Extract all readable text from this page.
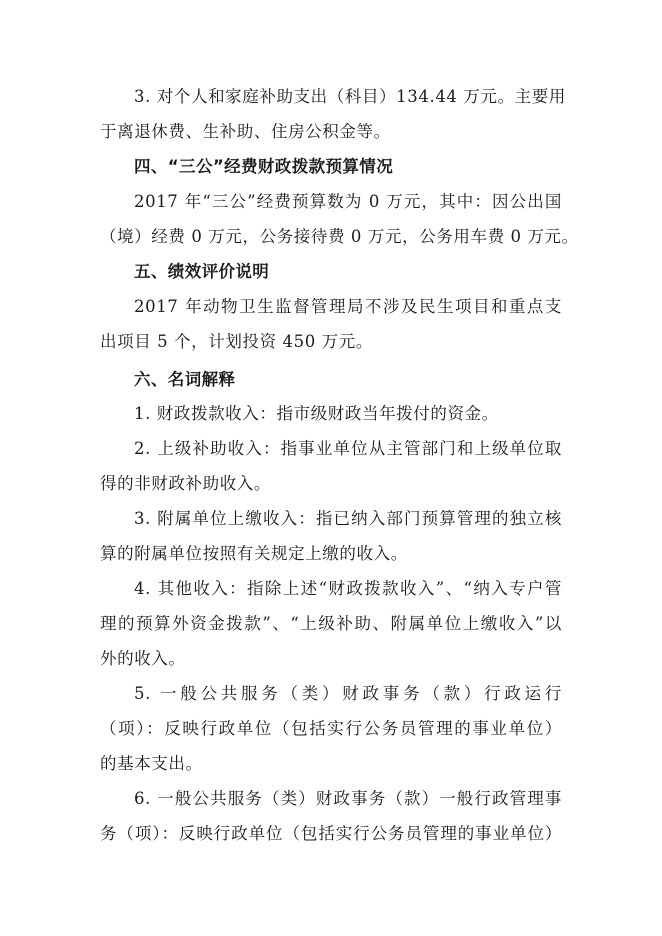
3. 对个人和家庭补助支出（科目）134.44 万元。主要用
于离退休费、生补助、住房公积金等。
四、“三公”经费财政拨款预算情况
2017 年“三公”经费预算数为 0 万元，其中：因公出国
（境）经费 0 万元，公务接待费 0 万元，公务用车费 0 万元。
五、绩效评价说明
2017 年动物卫生监督管理局不涉及民生项目和重点支
出项目 5 个，计划投资 450 万元。
六、名词解释
1. 财政拨款收入：指市级财政当年拨付的资金。
2. 上级补助收入：指事业单位从主管部门和上级单位取
得的非财政补助收入。
3. 附属单位上缴收入：指已纳入部门预算管理的独立核
算的附属单位按照有关规定上缴的收入。
4. 其他收入：指除上述“财政拨款收入”、“纳入专户管
理的预算外资金拨款”、“上级补助、附属单位上缴收入”以
外的收入。
5. 一般公共服务（类）财政事务（款）行政运行
（项）：反映行政单位（包括实行公务员管理的事业单位）
的基本支出。
6. 一般公共服务（类）财政事务（款）一般行政管理事
务（项）：反映行政单位（包括实行公务员管理的事业单位）
